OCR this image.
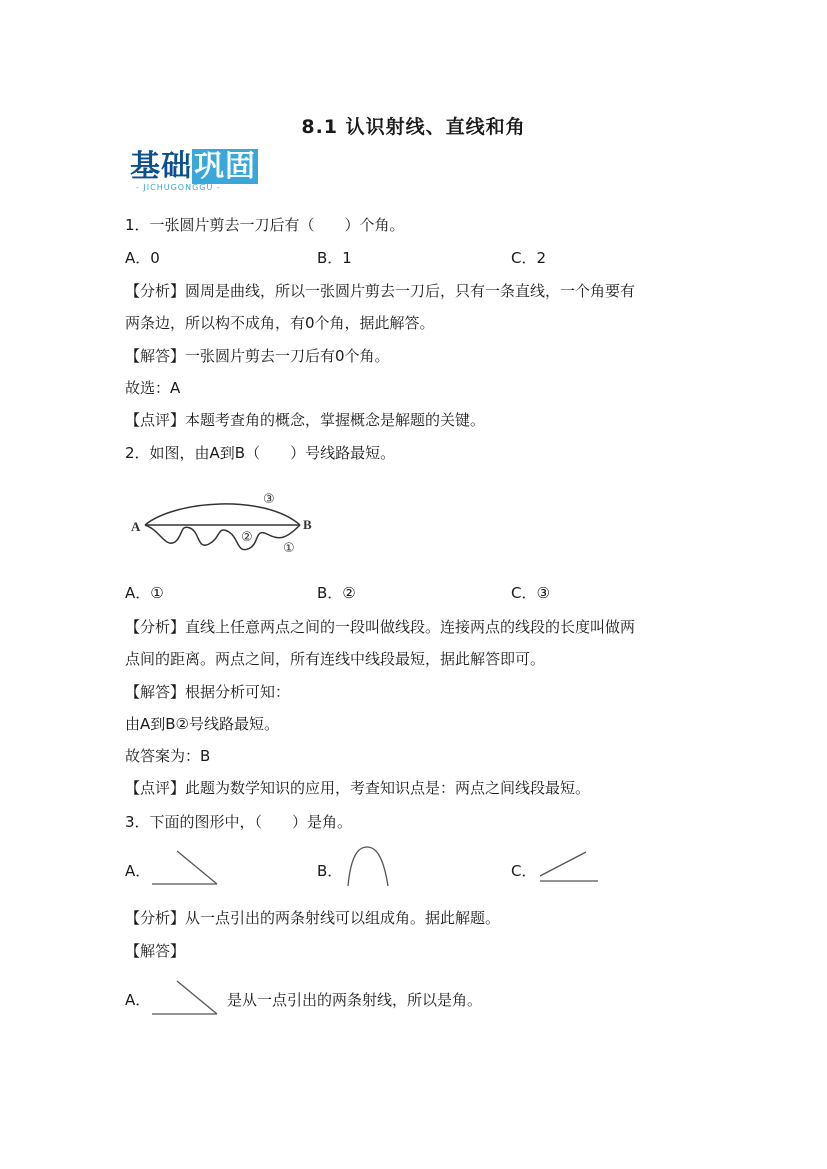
8.1 认识射线、直线和角
基础巩固
- JICHUGONGGU -
1．一张圆片剪去一刀后有（　　）个角。
A．0	B．1	C．2
【分析】圆周是曲线，所以一张圆片剪去一刀后，只有一条直线，一个角要有
两条边，所以构不成角，有0个角，据此解答。
【解答】一张圆片剪去一刀后有0个角。
故选：A
【点评】本题考查角的概念，掌握概念是解题的关键。
2．如图，由A到B（　　）号线路最短。
A	B
③
②
①
A．①	B．②	C．③
【分析】直线上任意两点之间的一段叫做线段。连接两点的线段的长度叫做两
点间的距离。两点之间，所有连线中线段最短，据此解答即可。
【解答】根据分析可知：
由A到B②号线路最短。
故答案为：B
【点评】此题为数学知识的应用，考查知识点是：两点之间线段最短。
3．下面的图形中，（　　）是角。
A．	B．	C．
【分析】从一点引出的两条射线可以组成角。据此解题。
【解答】
A．	是从一点引出的两条射线，所以是角。
